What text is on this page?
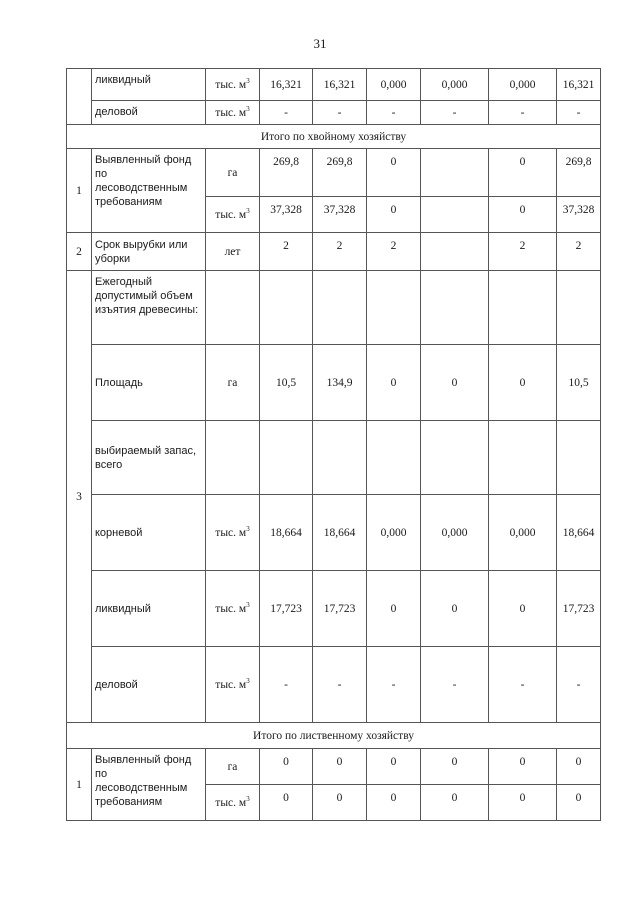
31
	ликвидный	тыс. $м^3$	16,321	16,321	0,000	0,000	0,000	16,321
	деловой	тыс. $м^3$	-	-	-	-	-	-
Итого по хвойному хозяйству								
1	Выявленный фонд по лесоводственным требованиям	га	269,8	269,8	0		0	269,8
		тыс. $м^3$	37,328	37,328	0		0	37,328
2	Срок вырубки или уборки	лет	2	2	2		2	2
3	Ежегодный допустимый объем изъятия древесины:							
	Площадь	га	10,5	134,9	0	0	0	10,5
	выбираемый запас, всего							
	корневой	тыс. $м^3$	18,664	18,664	0,000	0,000	0,000	18,664
	ликвидный	тыс. $м^3$	17,723	17,723	0	0	0	17,723
	деловой	тыс. $м^3$	-	-	-	-	-	-
Итого по лиственному хозяйству								
1	Выявленный фонд по лесоводственным требованиям	га	0	0	0	0	0	0
		тыс. $м^3$	0	0	0	0	0	0
